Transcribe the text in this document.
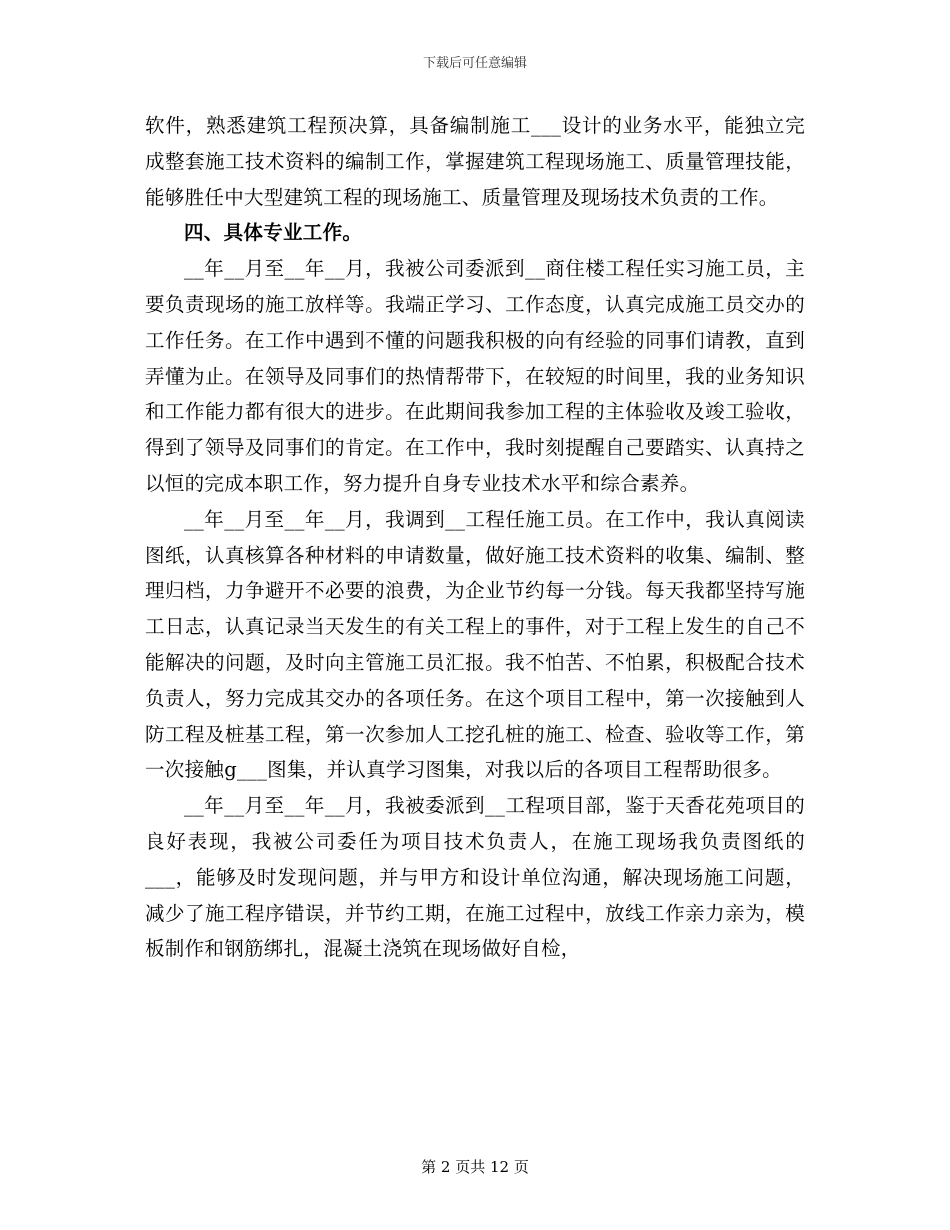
下载后可任意编辑

软件，熟悉建筑工程预决算，具备编制施工___设计的业务水平，能独立完成整套施工技术资料的编制工作，掌握建筑工程现场施工、质量管理技能，能够胜任中大型建筑工程的现场施工、质量管理及现场技术负责的工作。

四、具体专业工作。

__年__月至__年__月，我被公司委派到__商住楼工程任实习施工员，主要负责现场的施工放样等。我端正学习、工作态度，认真完成施工员交办的工作任务。在工作中遇到不懂的问题我积极的向有经验的同事们请教，直到弄懂为止。在领导及同事们的热情帮带下，在较短的时间里，我的业务知识和工作能力都有很大的进步。在此期间我参加工程的主体验收及竣工验收，得到了领导及同事们的肯定。在工作中，我时刻提醒自己要踏实、认真持之以恒的完成本职工作，努力提升自身专业技术水平和综合素养。

__年__月至__年__月，我调到__工程任施工员。在工作中，我认真阅读图纸，认真核算各种材料的申请数量，做好施工技术资料的收集、编制、整理归档，力争避开不必要的浪费，为企业节约每一分钱。每天我都坚持写施工日志，认真记录当天发生的有关工程上的事件，对于工程上发生的自己不能解决的问题，及时向主管施工员汇报。我不怕苦、不怕累，积极配合技术负责人，努力完成其交办的各项任务。在这个项目工程中，第一次接触到人防工程及桩基工程，第一次参加人工挖孔桩的施工、检查、验收等工作，第一次接触g___图集，并认真学习图集，对我以后的各项目工程帮助很多。

__年__月至__年__月，我被委派到__工程项目部，鉴于天香花苑项目的良好表现，我被公司委任为项目技术负责人，在施工现场我负责图纸的___，能够及时发现问题，并与甲方和设计单位沟通，解决现场施工问题，减少了施工程序错误，并节约工期，在施工过程中，放线工作亲力亲为，模板制作和钢筋绑扎，混凝土浇筑在现场做好自检，

第 2 页共 12 页
